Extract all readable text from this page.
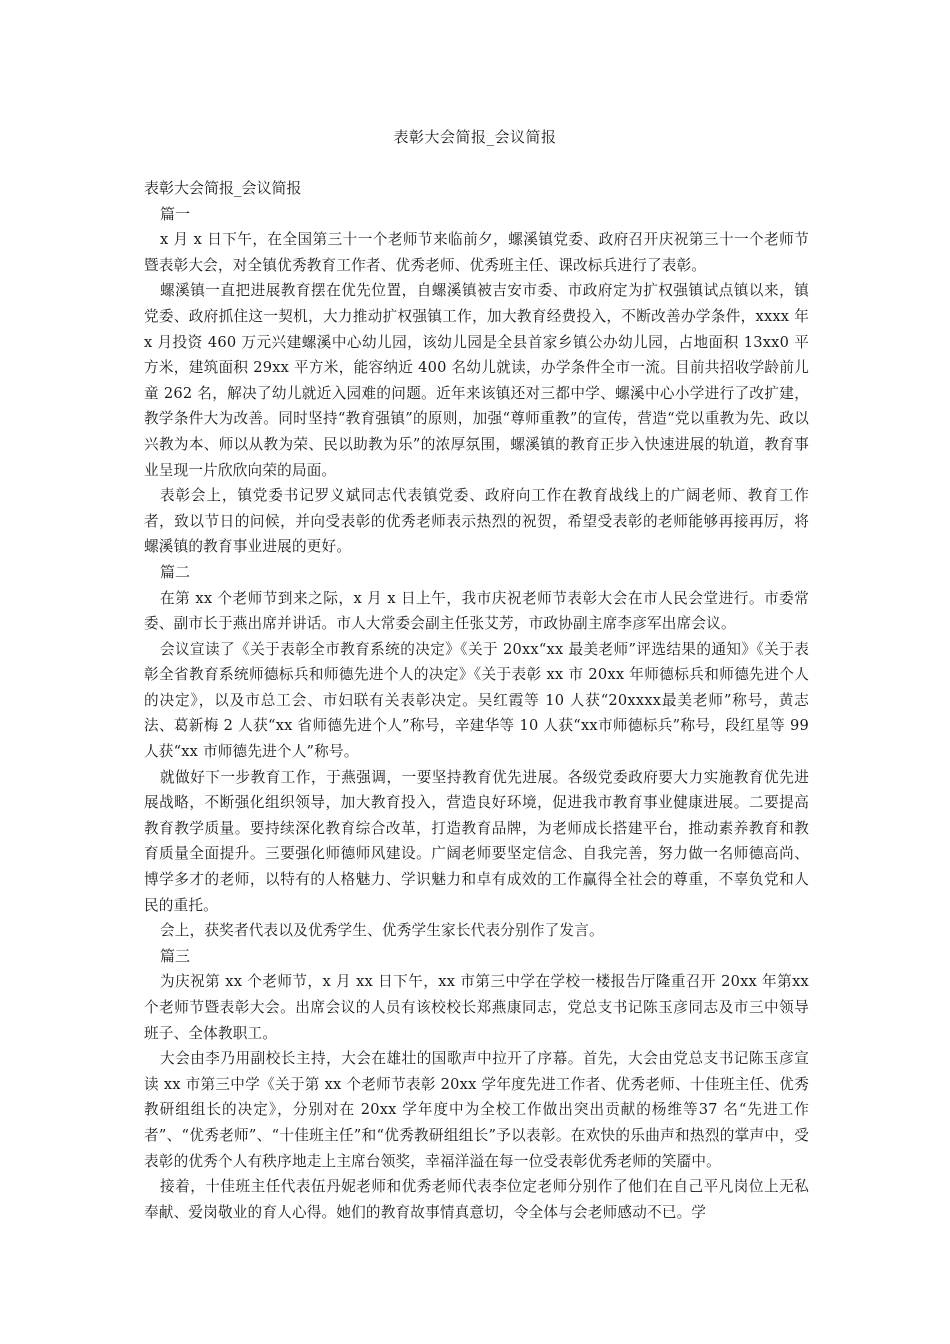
表彰大会简报_会议简报

表彰大会简报_会议简报

篇一

x 月 x 日下午，在全国第三十一个老师节来临前夕，螺溪镇党委、政府召开庆祝第三十一个老师节暨表彰大会，对全镇优秀教育工作者、优秀老师、优秀班主任、课改标兵进行了表彰。

螺溪镇一直把进展教育摆在优先位置，自螺溪镇被吉安市委、市政府定为扩权强镇试点镇以来，镇党委、政府抓住这一契机，大力推动扩权强镇工作，加大教育经费投入，不断改善办学条件，xxxx 年 x 月投资 460 万元兴建螺溪中心幼儿园，该幼儿园是全县首家乡镇公办幼儿园，占地面积 13xx0 平方米，建筑面积 29xx 平方米，能容纳近 400 名幼儿就读，办学条件全市一流。目前共招收学龄前儿童 262 名，解决了幼儿就近入园难的问题。近年来该镇还对三都中学、螺溪中心小学进行了改扩建，教学条件大为改善。同时坚持“教育强镇”的原则，加强“尊师重教”的宣传，营造“党以重教为先、政以兴教为本、师以从教为荣、民以助教为乐”的浓厚氛围，螺溪镇的教育正步入快速进展的轨道，教育事业呈现一片欣欣向荣的局面。

表彰会上，镇党委书记罗义斌同志代表镇党委、政府向工作在教育战线上的广阔老师、教育工作者，致以节日的问候，并向受表彰的优秀老师表示热烈的祝贺，希望受表彰的老师能够再接再厉，将螺溪镇的教育事业进展的更好。

篇二

在第 xx 个老师节到来之际，x 月 x 日上午，我市庆祝老师节表彰大会在市人民会堂进行。市委常委、副市长于燕出席并讲话。市人大常委会副主任张艾芳，市政协副主席李彦军出席会议。

会议宣读了《关于表彰全市教育系统的决定》《关于 20xx“xx 最美老师”评选结果的通知》《关于表彰全省教育系统师德标兵和师德先进个人的决定》《关于表彰 xx 市 20xx 年师德标兵和师德先进个人的决定》，以及市总工会、市妇联有关表彰决定。吴红霞等 10 人获“20xxxx最美老师”称号，黄志法、葛新梅 2 人获“xx 省师德先进个人”称号，辛建华等 10 人获“xx市师德标兵”称号，段红星等 99 人获“xx 市师德先进个人”称号。

就做好下一步教育工作，于燕强调，一要坚持教育优先进展。各级党委政府要大力实施教育优先进展战略，不断强化组织领导，加大教育投入，营造良好环境，促进我市教育事业健康进展。二要提高教育教学质量。要持续深化教育综合改革，打造教育品牌，为老师成长搭建平台，推动素养教育和教育质量全面提升。三要强化师德师风建设。广阔老师要坚定信念、自我完善，努力做一名师德高尚、博学多才的老师，以特有的人格魅力、学识魅力和卓有成效的工作赢得全社会的尊重，不辜负党和人民的重托。

会上，获奖者代表以及优秀学生、优秀学生家长代表分别作了发言。

篇三

为庆祝第 xx 个老师节，x 月 xx 日下午，xx 市第三中学在学校一楼报告厅隆重召开 20xx 年第xx 个老师节暨表彰大会。出席会议的人员有该校校长郑燕康同志，党总支书记陈玉彦同志及市三中领导班子、全体教职工。

大会由李乃用副校长主持，大会在雄壮的国歌声中拉开了序幕。首先，大会由党总支书记陈玉彦宣读 xx 市第三中学《关于第 xx 个老师节表彰 20xx 学年度先进工作者、优秀老师、十佳班主任、优秀教研组组长的决定》，分别对在 20xx 学年度中为全校工作做出突出贡献的杨维等37 名“先进工作者”、“优秀老师”、“十佳班主任”和“优秀教研组组长”予以表彰。在欢快的乐曲声和热烈的掌声中，受表彰的优秀个人有秩序地走上主席台领奖，幸福洋溢在每一位受表彰优秀老师的笑靥中。

接着，十佳班主任代表伍丹妮老师和优秀老师代表李位定老师分别作了他们在自己平凡岗位上无私奉献、爱岗敬业的育人心得。她们的教育故事情真意切，令全体与会老师感动不已。学
